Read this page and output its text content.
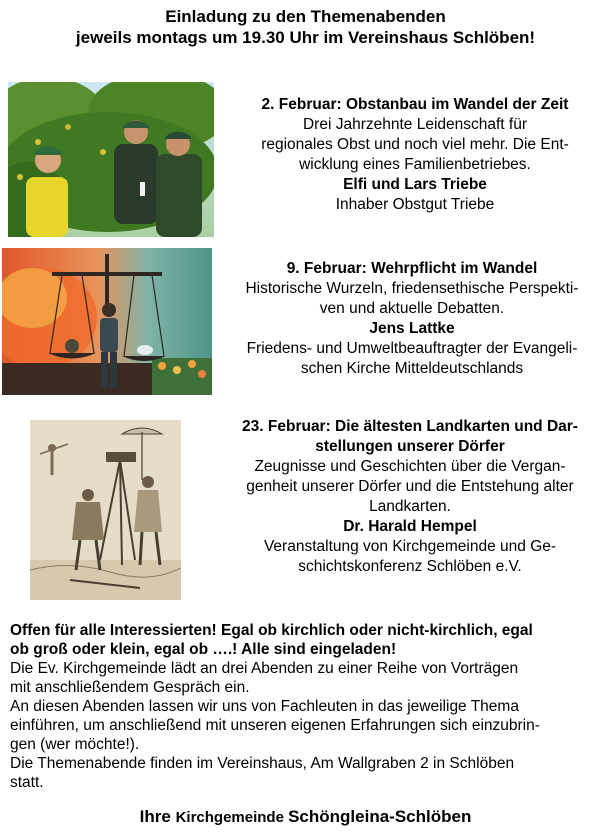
Einladung zu den Themenabenden
jeweils montags um 19.30 Uhr im Vereinshaus Schlöben!
2. Februar: Obstanbau im Wandel der Zeit
Drei Jahrzehnte Leidenschaft für
regionales Obst und noch viel mehr. Die Ent-
wicklung eines Familienbetriebes.
Elfi und Lars Triebe
Inhaber Obstgut Triebe
9. Februar: Wehrpflicht im Wandel
Historische Wurzeln, friedensethische Perspekti-
ven und aktuelle Debatten.
Jens Lattke
Friedens- und Umweltbeauftragter der Evangeli-
schen Kirche Mitteldeutschlands
23. Februar: Die ältesten Landkarten und Dar-
stellungen unserer Dörfer
Zeugnisse und Geschichten über die Vergan-
genheit unserer Dörfer und die Entstehung alter
Landkarten.
Dr. Harald Hempel
Veranstaltung von Kirchgemeinde und Ge-
schichtskonferenz Schlöben e.V.
Offen für alle Interessierten! Egal ob kirchlich oder nicht-kirchlich, egal
ob groß oder klein, egal ob ….! Alle sind eingeladen!
Die Ev. Kirchgemeinde lädt an drei Abenden zu einer Reihe von Vorträgen
mit anschließendem Gespräch ein.
An diesen Abenden lassen wir uns von Fachleuten in das jeweilige Thema
einführen, um anschließend mit unseren eigenen Erfahrungen sich einzubrin-
gen (wer möchte!).
Die Themenabende finden im Vereinshaus, Am Wallgraben 2 in Schlöben
statt.
Ihre Kirchgemeinde Schöngleina-Schlöben
